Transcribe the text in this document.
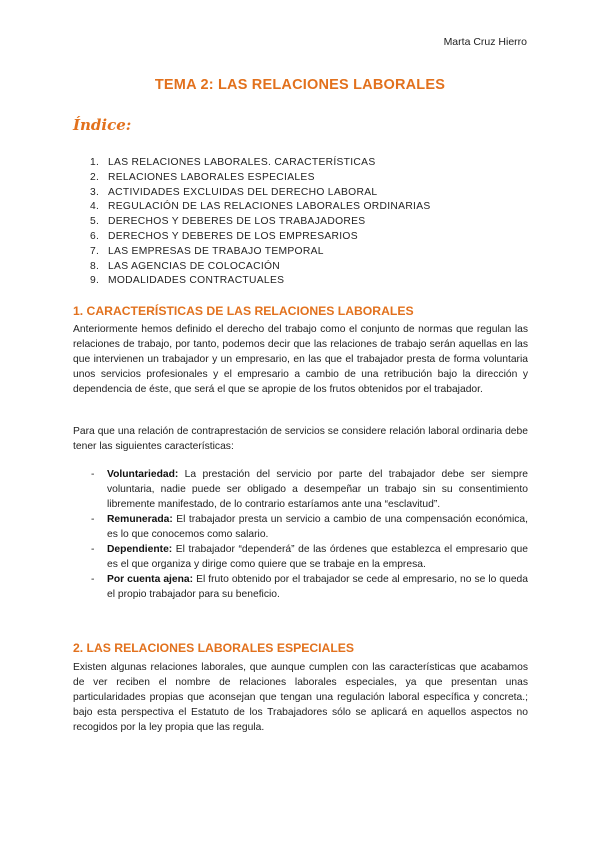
Marta Cruz Hierro
TEMA 2: LAS RELACIONES LABORALES
Índice:
1. LAS RELACIONES LABORALES. CARACTERÍSTICAS
2. RELACIONES LABORALES ESPECIALES
3. ACTIVIDADES EXCLUIDAS DEL DERECHO LABORAL
4. REGULACIÓN DE LAS RELACIONES LABORALES ORDINARIAS
5. DERECHOS Y DEBERES DE LOS TRABAJADORES
6. DERECHOS Y DEBERES DE LOS EMPRESARIOS
7. LAS EMPRESAS DE TRABAJO TEMPORAL
8. LAS AGENCIAS DE COLOCACIÓN
9. MODALIDADES CONTRACTUALES
1. CARACTERÍSTICAS DE LAS RELACIONES LABORALES

Anteriormente hemos definido el derecho del trabajo como el conjunto de normas que regulan las relaciones de trabajo, por tanto, podemos decir que las relaciones de trabajo serán aquellas en las que intervienen un trabajador y un empresario, en las que el trabajador presta de forma voluntaria unos servicios profesionales y el empresario a cambio de una retribución bajo la dirección y dependencia de éste, que será el que se apropie de los frutos obtenidos por el trabajador.

Para que una relación de contraprestación de servicios se considere relación laboral ordinaria debe tener las siguientes características:

- Voluntariedad: La prestación del servicio por parte del trabajador debe ser siempre voluntaria, nadie puede ser obligado a desempeñar un trabajo sin su consentimiento libremente manifestado, de lo contrario estaríamos ante una “esclavitud”.
- Remunerada: El trabajador presta un servicio a cambio de una compensación económica, es lo que conocemos como salario.
- Dependiente: El trabajador “dependerá” de las órdenes que establezca el empresario que es el que organiza y dirige como quiere que se trabaje en la empresa.
- Por cuenta ajena: El fruto obtenido por el trabajador se cede al empresario, no se lo queda el propio trabajador para su beneficio.
2. LAS RELACIONES LABORALES ESPECIALES

Existen algunas relaciones laborales, que aunque cumplen con las características que acabamos de ver reciben el nombre de relaciones laborales especiales, ya que presentan unas particularidades propias que aconsejan que tengan una regulación laboral específica y concreta.; bajo esta perspectiva el Estatuto de los Trabajadores sólo se aplicará en aquellos aspectos no recogidos por la ley propia que las regula.
